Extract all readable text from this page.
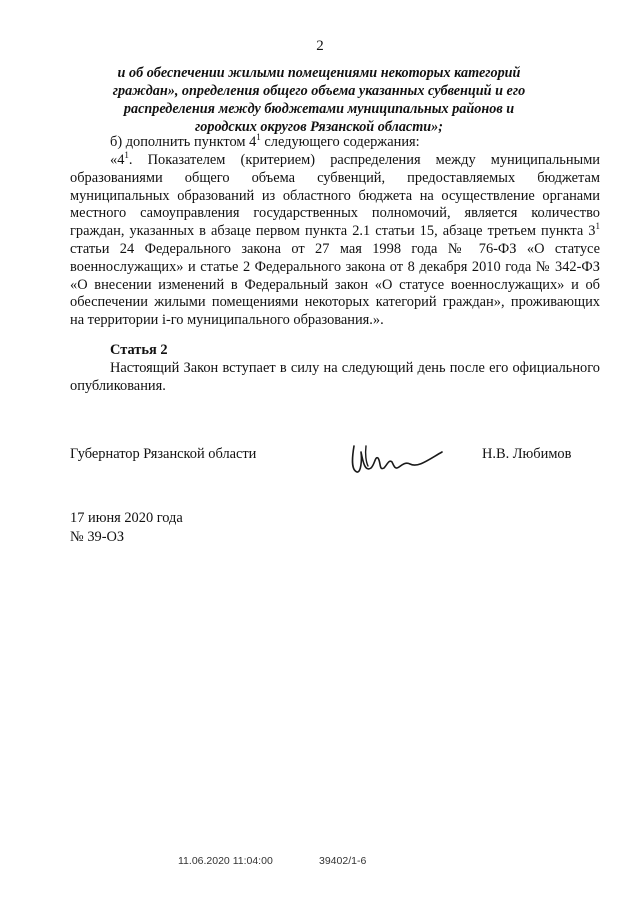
2
и об обеспечении жилыми помещениями некоторых категорий граждан», определения общего объема указанных субвенций и его распределения между бюджетами муниципальных районов и городских округов Рязанской области»;

б) дополнить пунктом $4^1$ следующего содержания:

«$4^1$. Показателем (критерием) распределения между муниципальными образованиями общего объема субвенций, предоставляемых бюджетам муниципальных образований из областного бюджета на осуществление органами местного самоуправления государственных полномочий, является количество граждан, указанных в абзаце первом пункта 2.1 статьи 15, абзаце третьем пункта $3^1$ статьи 24 Федерального закона от 27 мая 1998 года № 76-ФЗ «О статусе военнослужащих» и статье 2 Федерального закона от 8 декабря 2010 года № 342-ФЗ «О внесении изменений в Федеральный закон «О статусе военнослужащих» и об обеспечении жилыми помещениями некоторых категорий граждан», проживающих на территории i-го муниципального образования.».

Статья 2

Настоящий Закон вступает в силу на следующий день после его официального опубликования.

Губернатор Рязанской области	Н.В. Любимов
17 июня 2020 года
№ 39-ОЗ
11.06.2020 11:04:00	39402/1-6
